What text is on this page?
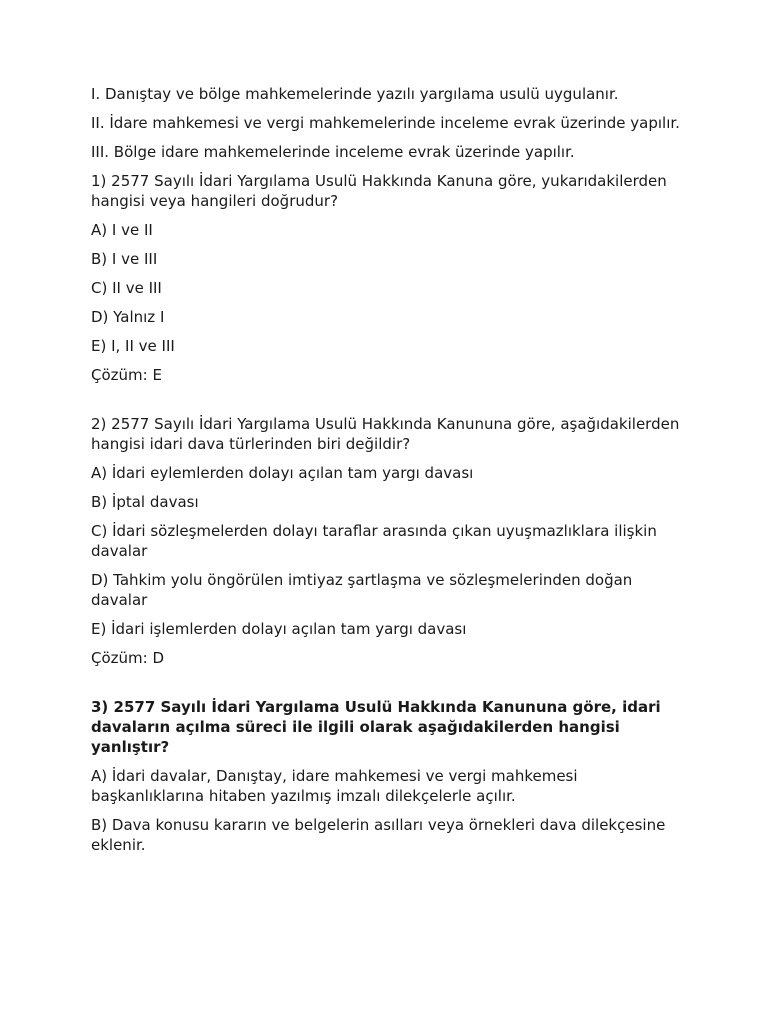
I. Danıştay ve bölge mahkemelerinde yazılı yargılama usulü uygulanır.

II. İdare mahkemesi ve vergi mahkemelerinde inceleme evrak üzerinde yapılır.

III. Bölge idare mahkemelerinde inceleme evrak üzerinde yapılır.

1) 2577 Sayılı İdari Yargılama Usulü Hakkında Kanuna göre, yukarıdakilerden hangisi veya hangileri doğrudur?

A) I ve II

B) I ve III

C) II ve III

D) Yalnız I

E) I, II ve III

Çözüm: E

2) 2577 Sayılı İdari Yargılama Usulü Hakkında Kanununa göre, aşağıdakilerden hangisi idari dava türlerinden biri değildir?

A) İdari eylemlerden dolayı açılan tam yargı davası

B) İptal davası

C) İdari sözleşmelerden dolayı taraflar arasında çıkan uyuşmazlıklara ilişkin davalar

D) Tahkim yolu öngörülen imtiyaz şartlaşma ve sözleşmelerinden doğan davalar

E) İdari işlemlerden dolayı açılan tam yargı davası

Çözüm: D

3) 2577 Sayılı İdari Yargılama Usulü Hakkında Kanununa göre, idari davaların açılma süreci ile ilgili olarak aşağıdakilerden hangisi yanlıştır?

A) İdari davalar, Danıştay, idare mahkemesi ve vergi mahkemesi başkanlıklarına hitaben yazılmış imzalı dilekçelerle açılır.

B) Dava konusu kararın ve belgelerin asılları veya örnekleri dava dilekçesine eklenir.
